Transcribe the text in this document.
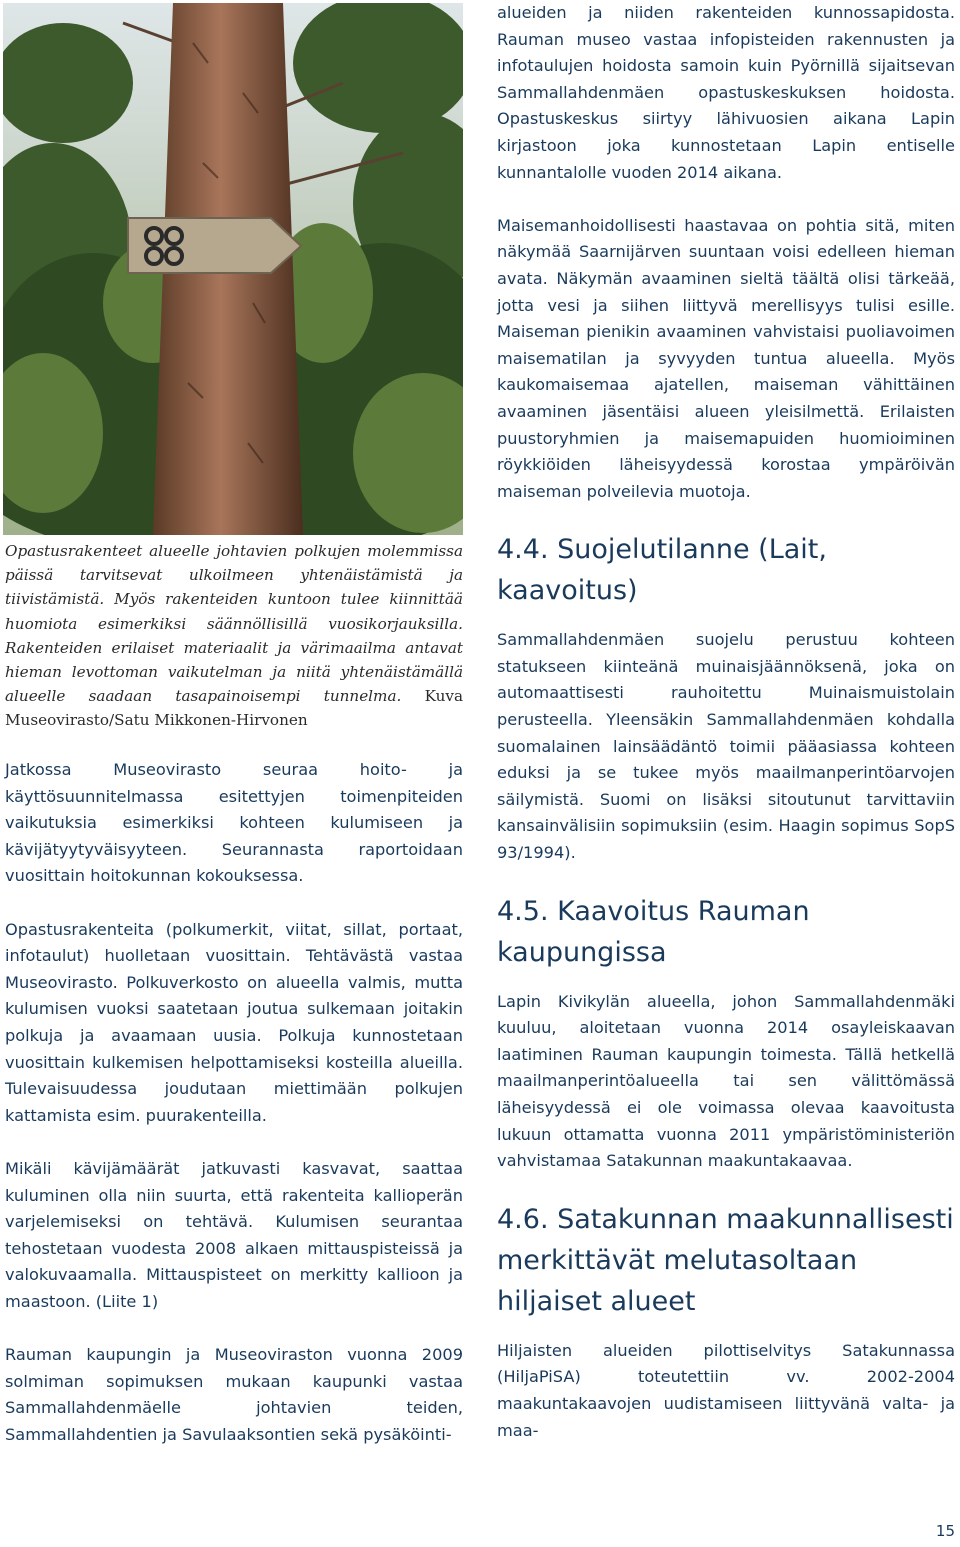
Opastusrakenteet alueelle johtavien polkujen molemmissa päissä tarvitsevat ulkoilmeen yhtenäistämistä ja tiivistämistä. Myös rakenteiden kuntoon tulee kiinnittää huomiota esimerkiksi säännöllisillä vuosikorjauksilla. Rakenteiden erilaiset materiaalit ja värimaailma antavat hieman levottoman vaikutelman ja niitä yhtenäistämällä alueelle saadaan tasapainoisempi tunnelma. Kuva Museovirasto/Satu Mikkonen-Hirvonen

Jatkossa Museovirasto seuraa hoito- ja käyttösuunnitelmassa esitettyjen toimenpiteiden vaikutuksia esimerkiksi kohteen kulumiseen ja kävijätyytyväisyyteen. Seurannasta raportoidaan vuosittain hoitokunnan kokouksessa.

Opastusrakenteita (polkumerkit, viitat, sillat, portaat, infotaulut) huolletaan vuosittain. Tehtävästä vastaa Museovirasto. Polkuverkosto on alueella valmis, mutta kulumisen vuoksi saatetaan joutua sulkemaan joitakin polkuja ja avaamaan uusia. Polkuja kunnostetaan vuosittain kulkemisen helpottamiseksi kosteilla alueilla. Tulevaisuudessa joudutaan miettimään polkujen kattamista esim. puurakenteilla.

Mikäli kävijämäärät jatkuvasti kasvavat, saattaa kuluminen olla niin suurta, että rakenteita kallioperän varjelemiseksi on tehtävä. Kulumisen seurantaa tehostetaan vuodesta 2008 alkaen mittauspisteissä ja valokuvaamalla. Mittauspisteet on merkitty kallioon ja maastoon. (Liite 1)

Rauman kaupungin ja Museoviraston vuonna 2009 solmiman sopimuksen mukaan kaupunki vastaa Sammallahdenmäelle johtavien teiden, Sammallahdentien ja Savulaaksontien sekä pysäköinti-

alueiden ja niiden rakenteiden kunnossapidosta. Rauman museo vastaa infopisteiden rakennusten ja infotaulujen hoidosta samoin kuin Pyörnillä sijaitsevan Sammallahdenmäen opastuskeskuksen hoidosta. Opastuskeskus siirtyy lähivuosien aikana Lapin kirjastoon joka kunnostetaan Lapin entiselle kunnantalolle vuoden 2014 aikana.

Maisemanhoidollisesti haastavaa on pohtia sitä, miten näkymää Saarnijärven suuntaan voisi edelleen hieman avata. Näkymän avaaminen sieltä täältä olisi tärkeää, jotta vesi ja siihen liittyvä merellisyys tulisi esille. Maiseman pienikin avaaminen vahvistaisi puoliavoimen maisematilan ja syvyyden tuntua alueella. Myös kaukomaisemaa ajatellen, maiseman vähittäinen avaaminen jäsentäisi alueen yleisilmettä. Erilaisten puustoryhmien ja maisemapuiden huomioiminen röykkiöiden läheisyydessä korostaa ympäröivän maiseman polveilevia muotoja.

4.4. Suojelutilanne (Lait, kaavoitus)

Sammallahdenmäen suojelu perustuu kohteen statukseen kiinteänä muinaisjäännöksenä, joka on automaattisesti rauhoitettu Muinaismuistolain perusteella. Yleensäkin Sammallahdenmäen kohdalla suomalainen lainsäädäntö toimii pääasiassa kohteen eduksi ja se tukee myös maailmanperintöarvojen säilymistä. Suomi on lisäksi sitoutunut tarvittaviin kansainvälisiin sopimuksiin (esim. Haagin sopimus SopS 93/1994).

4.5. Kaavoitus Rauman kaupungissa

Lapin Kivikylän alueella, johon Sammallahdenmäki kuuluu, aloitetaan vuonna 2014 osayleiskaavan laatiminen Rauman kaupungin toimesta. Tällä hetkellä maailmanperintöalueella tai sen välittömässä läheisyydessä ei ole voimassa olevaa kaavoitusta lukuun ottamatta vuonna 2011 ympäristöministeriön vahvistamaa Satakunnan maakuntakaavaa.

4.6. Satakunnan maakunnallisesti merkittävät melutasoltaan hiljaiset alueet

Hiljaisten alueiden pilottiselvitys Satakunnassa (HiljaPiSA) toteutettiin vv. 2002-2004 maakuntakaavojen uudistamiseen liittyvänä valta- ja maa-

15
